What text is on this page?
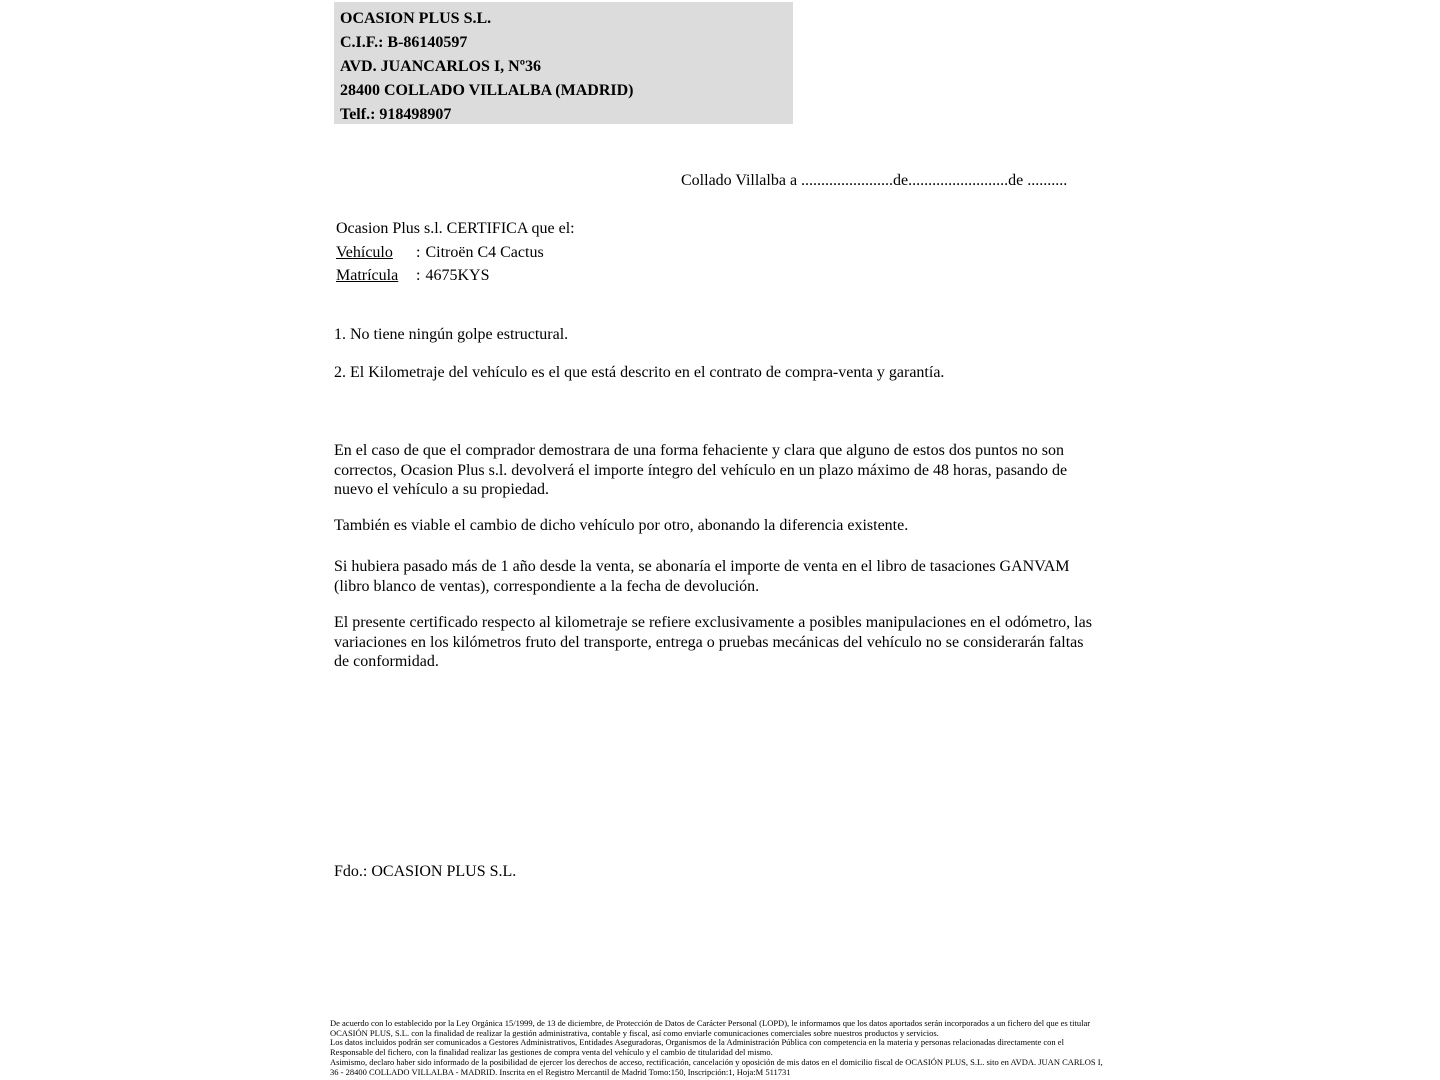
OCASION PLUS S.L.
C.I.F.: B-86140597
AVD. JUANCARLOS I, Nº36
28400 COLLADO VILLALBA (MADRID)
Telf.: 918498907
Collado Villalba a .......................de.........................de ..........
Ocasion Plus s.l. CERTIFICA que el:
Vehículo : Citroën C4 Cactus
Matrícula : 4675KYS
1. No tiene ningún golpe estructural.
2. El Kilometraje del vehículo es el que está descrito en el contrato de compra-venta y garantía.
En el caso de que el comprador demostrara de una forma fehaciente y clara que alguno de estos dos puntos no son correctos, Ocasion Plus s.l. devolverá el importe íntegro del vehículo en un plazo máximo de 48 horas, pasando de nuevo el vehículo a su propiedad.
También es viable el cambio de dicho vehículo por otro, abonando la diferencia existente.
Si hubiera pasado más de 1 año desde la venta, se abonaría el importe de venta en el libro de tasaciones GANVAM (libro blanco de ventas), correspondiente a la fecha de devolución.
El presente certificado respecto al kilometraje se refiere exclusivamente a posibles manipulaciones en el odómetro, las variaciones en los kilómetros fruto del transporte, entrega o pruebas mecánicas del vehículo no se considerarán faltas de conformidad.
Fdo.: OCASION PLUS S.L.
De acuerdo con lo establecido por la Ley Orgánica 15/1999, de 13 de diciembre, de Protección de Datos de Carácter Personal (LOPD), le informamos que los datos aportados serán incorporados a un fichero del que es titular OCASIÓN PLUS, S.L. con la finalidad de realizar la gestión administrativa, contable y fiscal, así como enviarle comunicaciones comerciales sobre nuestros productos y servicios.
Los datos incluidos podrán ser comunicados a Gestores Administrativos, Entidades Aseguradoras, Organismos de la Administración Pública con competencia en la materia y personas relacionadas directamente con el Responsable del fichero, con la finalidad realizar las gestiones de compra venta del vehículo y el cambio de titularidad del mismo.
Asimismo, declaro haber sido informado de la posibilidad de ejercer los derechos de acceso, rectificación, cancelación y oposición de mis datos en el domicilio fiscal de OCASIÓN PLUS, S.L. sito en AVDA. JUAN CARLOS I, 36 - 28400 COLLADO VILLALBA - MADRID. Inscrita en el Registro Mercantil de Madrid Tomo:150, Inscripción:1, Hoja:M 511731
